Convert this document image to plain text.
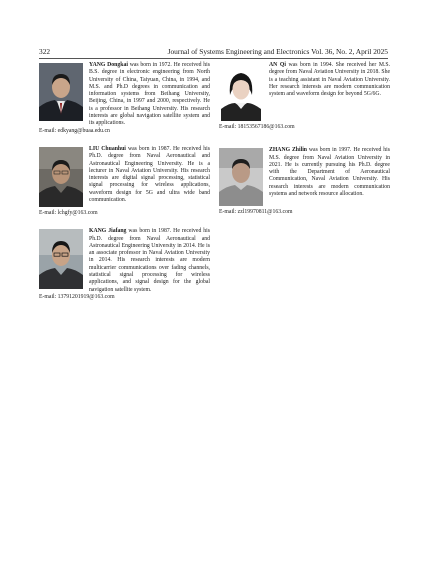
322	Journal of Systems Engineering and Electronics Vol. 36, No. 2, April 2025
YANG Dongkai was born in 1972. He received his B.S. degree in electronic engineering from North University of China, Taiyuan, China, in 1994, and M.S. and Ph.D degrees in communication and information systems from Beihang University, Beijing, China, in 1997 and 2000, respectively. He is a professor in Beihang University. His research interests are global navigation satellite system and its applications.
E-mail: edkyang@buaa.edu.cn
LIU Chuanhui was born in 1987. He received his Ph.D. degree from Naval Aeronautical and Astronautical Engineering University. He is a lecturer in Naval Aviation University. His research interests are digital signal processing, statistical signal processing for wireless applications, waveform design for 5G and ultra wide band communication.
E-mail: lchgfy@163.com
KANG Jiafang was born in 1987. He received his Ph.D. degree from Naval Aeronautical and Astronautical Engineering University in 2014. He is an associate professor in Naval Aviation University in 2014. His research interests are modern multicarrier communications over fading channels, statistical signal processing for wireless applications, and signal design for the global navigation satellite system.
E-mail: 13791201919@163.com
AN Qi was born in 1994. She received her M.S. degree from Naval Aviation University in 2018. She is a teaching assistant in Naval Aviation University. Her research interests are modern communication system and waveform design for beyond 5G/6G.
E-mail: 18153567186@163.com
ZHANG Zhilin was born in 1997. He received his M.S. degree from Naval Aviation University in 2021. He is currently pursuing his Ph.D. degree with the Department of Aeronautical Communication, Naval Aviation University. His research interests are modern communication systems and network resource allocation.
E-mail: zzl19970811@163.com
